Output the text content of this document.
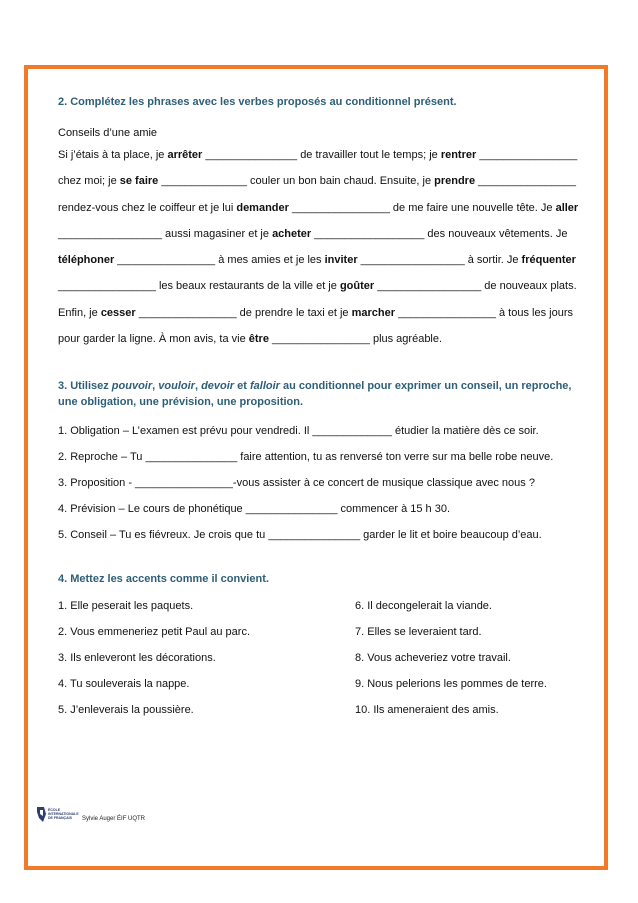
2. Complétez les phrases avec les verbes proposés au conditionnel présent.
Conseils d’une amie
Si j’étais à ta place, je arrêter _______________ de travailler tout le temps; je rentrer ________________
chez moi; je se faire ______________ couler un bon bain chaud. Ensuite, je prendre ________________
rendez-vous chez le coiffeur et je lui demander ________________ de me faire une nouvelle tête. Je aller
_________________ aussi magasiner et je acheter __________________ des nouveaux vêtements. Je
téléphoner ________________ à mes amies et je les inviter _________________ à sortir. Je fréquenter
________________ les beaux restaurants de la ville et je goûter _________________ de nouveaux plats.
Enfin, je cesser ________________ de prendre le taxi et je marcher ________________ à tous les jours
pour garder la ligne. À mon avis, ta vie être ________________ plus agréable.
3. Utilisez pouvoir, vouloir, devoir et falloir au conditionnel pour exprimer un conseil, un reproche,
une obligation, une prévision, une proposition.
1. Obligation – L’examen est prévu pour vendredi. Il _____________ étudier la matière dès ce soir.
2. Reproche – Tu _______________ faire attention, tu as renversé ton verre sur ma belle robe neuve.
3. Proposition - ________________-vous assister à ce concert de musique classique avec nous ?
4. Prévision – Le cours de phonétique _______________ commencer à 15 h 30.
5. Conseil – Tu es fiévreux. Je crois que tu _______________ garder le lit et boire beaucoup d’eau.
4. Mettez les accents comme il convient.
1. Elle peserait les paquets.
2. Vous emmeneriez petit Paul au parc.
3. Ils enleveront les décorations.
4. Tu souleverais la nappe.
5. J’enleverais la poussière.
6. Il decongelerait la viande.
7. Elles se leveraient tard.
8. Vous acheveriez votre travail.
9. Nous pelerions les pommes de terre.
10. Ils ameneraient des amis.
ÉCOLE
INTERNATIONALE
DE FRANÇAIS	Sylvie Auger ÉIF UQTR
